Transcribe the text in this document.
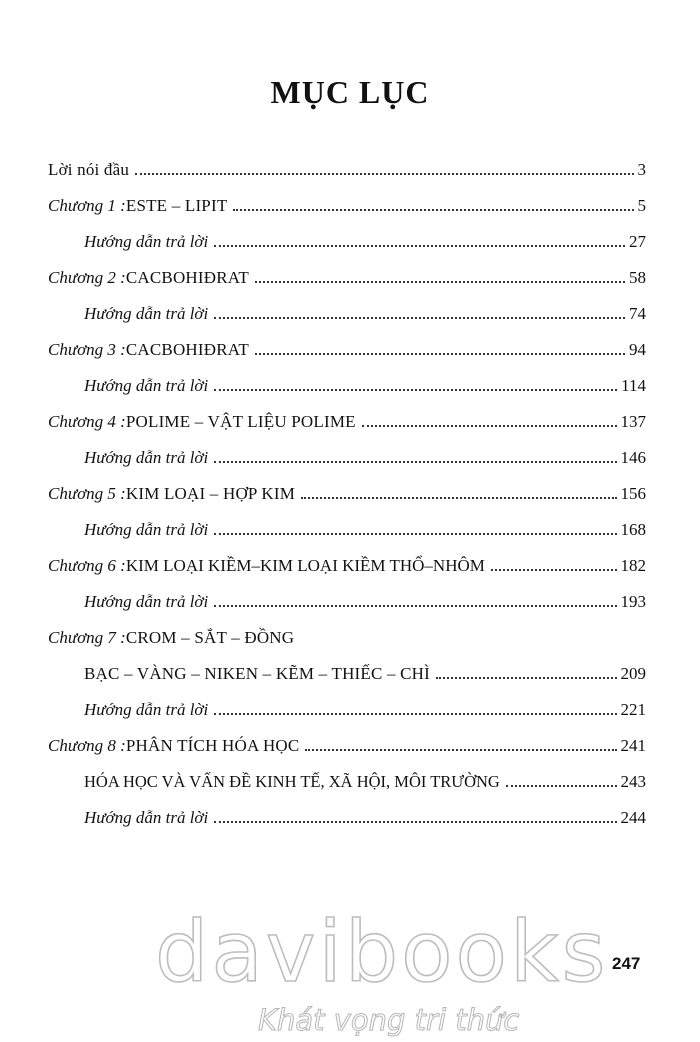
MỤC LỤC
Lời nói đầu	3
Chương 1 : ESTE – LIPIT	5
Hướng dẫn trả lời	27
Chương 2 : CACBOHIĐRAT	58
Hướng dẫn trả lời	74
Chương 3 : CACBOHIĐRAT	94
Hướng dẫn trả lời	114
Chương 4 : POLIME – VẬT LIỆU POLIME	137
Hướng dẫn trả lời	146
Chương 5 : KIM LOẠI – HỢP KIM	156
Hướng dẫn trả lời	168
Chương 6 : KIM LOẠI KIỀM–KIM LOẠI KIỀM THỔ–NHÔM	182
Hướng dẫn trả lời	193
Chương 7 : CROM – SẮT – ĐỒNG
BẠC – VÀNG – NIKEN – KẼM – THIẾC – CHÌ	209
Hướng dẫn trả lời	221
Chương 8 : PHÂN TÍCH HÓA HỌC	241
HÓA HỌC VÀ VẤN ĐỀ KINH TẾ, XÃ HỘI, MÔI TRƯỜNG	243
Hướng dẫn trả lời	244
davibooks 247
Khát vọng tri thức
